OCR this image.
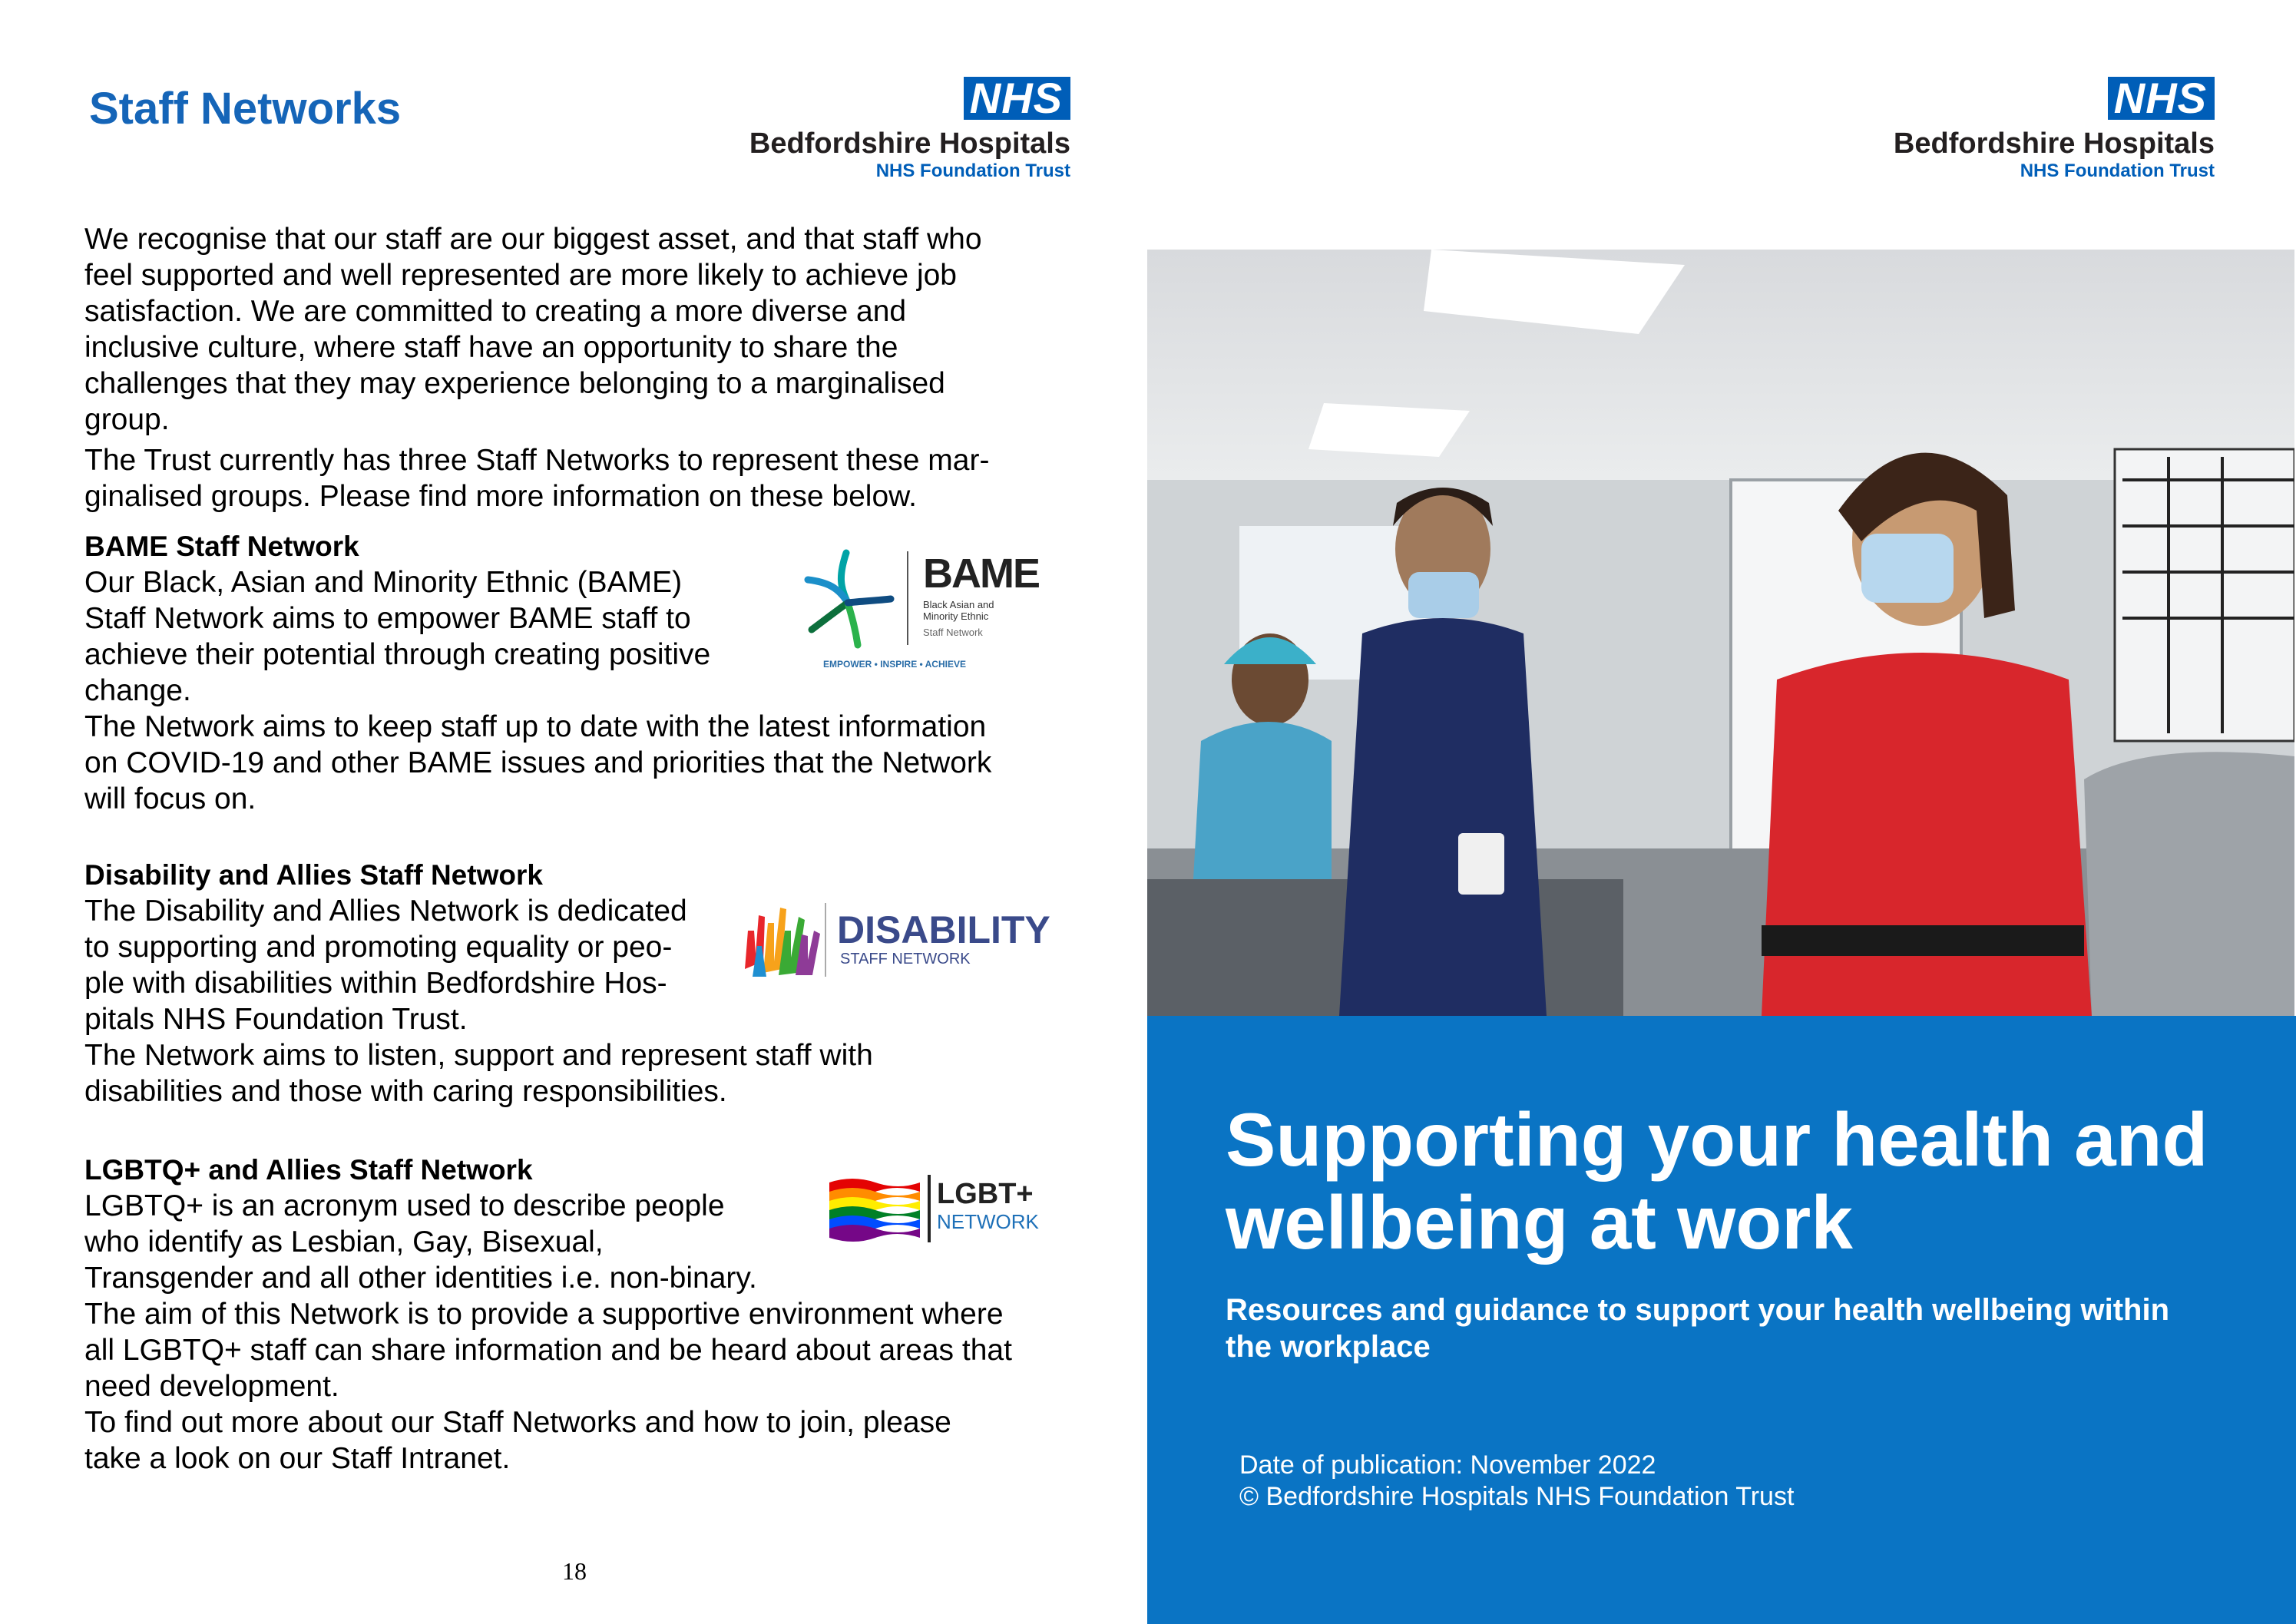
Staff Networks	NHS
Bedfordshire Hospitals
NHS Foundation Trust
We recognise that our staff are our biggest asset, and that staff who
feel supported and well represented are more likely to achieve job
satisfaction. We are committed to creating a more diverse and
inclusive culture, where staff have an opportunity to share the
challenges that they may experience belonging to a marginalised
group.
The Trust currently has three Staff Networks to represent these mar-
ginalised groups. Please find more information on these below.
BAME Staff Network
Our Black, Asian and Minority Ethnic (BAME)
Staff Network aims to empower BAME staff to
achieve their potential through creating positive
change.
The Network aims to keep staff up to date with the latest information
on COVID-19 and other BAME issues and priorities that the Network
will focus on.
BAME
Black Asian and
Minority Ethnic
Staff Network
EMPOWER • INSPIRE • ACHIEVE
Disability and Allies Staff Network
The Disability and Allies Network is dedicated
to supporting and promoting equality or peo-
ple with disabilities within Bedfordshire Hos-
pitals NHS Foundation Trust.
The Network aims to listen, support and represent staff with
disabilities and those with caring responsibilities.
DISABILITY
STAFF NETWORK
LGBTQ+ and Allies Staff Network
LGBTQ+ is an acronym used to describe people
who identify as Lesbian, Gay, Bisexual,
Transgender and all other identities i.e. non-binary.
The aim of this Network is to provide a supportive environment where
all LGBTQ+ staff can share information and be heard about areas that
need development.
To find out more about our Staff Networks and how to join, please
take a look on our Staff Intranet.
LGBT+
NETWORK
18
NHS
Bedfordshire Hospitals
NHS Foundation Trust
Supporting your health and
wellbeing at work
Resources and guidance to support your health wellbeing within
the workplace
Date of publication: November 2022
© Bedfordshire Hospitals NHS Foundation Trust
